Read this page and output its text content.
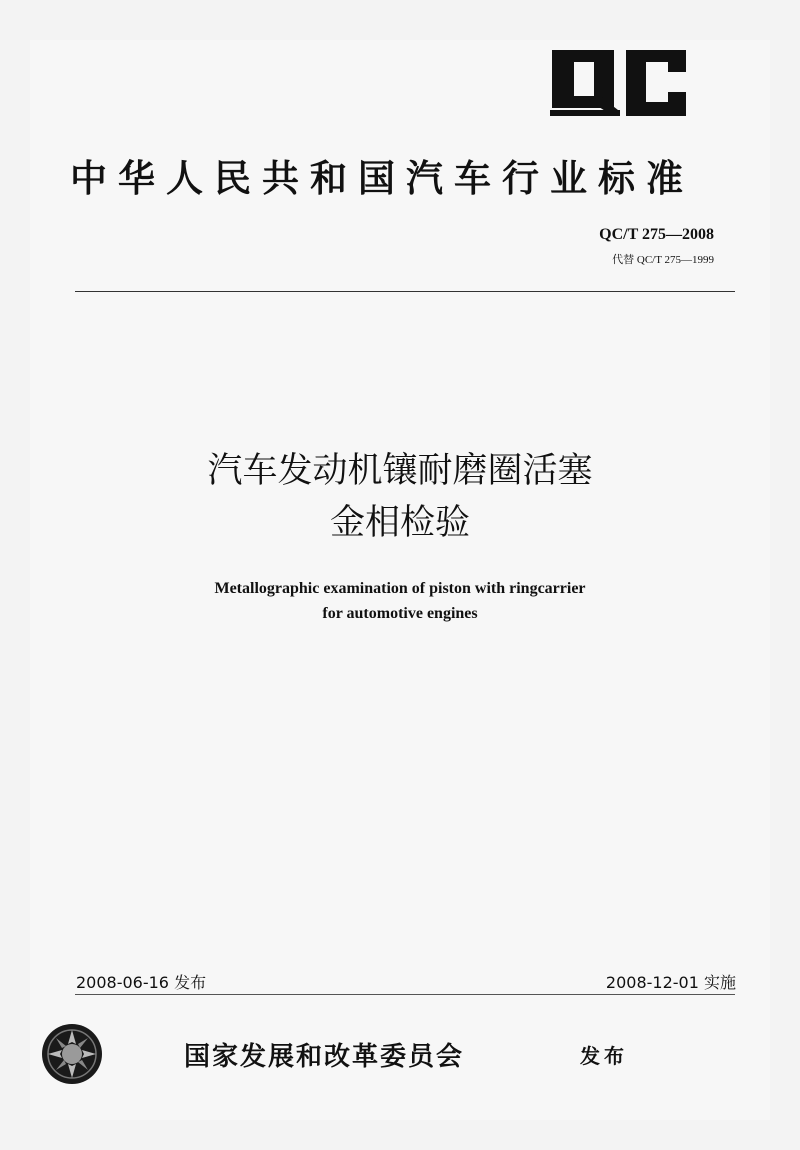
中华人民共和国汽车行业标准
QC/T 275—2008
代替 QC/T 275—1999
汽车发动机镶耐磨圈活塞
金相检验
Metallographic examination of piston with ringcarrier
for automotive engines
2008-06-16 发布	2008-12-01 实施
国家发展和改革委员会	发布
